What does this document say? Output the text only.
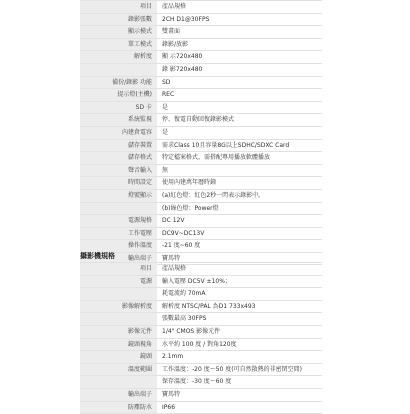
項目	產品規格
錄影張數	2CH D1@30FPS
顯示模式	雙畫面
單工模式	錄影/放影
解析度	顯 示720x480
錄 影720x480
備份/錄影 功能	SD
提示燈(主機)	REC
SD 卡	是
系統監視	停、復電自動回復錄影模式
內建倉電容	是
儲存裝置	需求Class 10且容量8G以上SDHC/SDXC Card
儲存格式	特定檔案格式，需搭配專用播放軟體播放
聲音輸入	無
時間設定	使用內建萬年曆時鐘
燈號顯示	(a)紅色燈：紅色2秒一閃表示錄影中。
(b)綠色燈：Power燈
電源規格	DC 12V
工作電壓	DC9V~DC13V
操作溫度	-21 度~60 度
輸出端子	寶馬特
攝影機規格
項目	產品規格
電源	輸入電壓 DC5V ±10%；
耗電流約 70mA
影像解析度	解析度 NTSC/PAL 為D1 733x493
張數最高 30FPS
影像元件	1/4" CMOS 影像元件
鏡頭視角	水平約 100 度 / 對角120度
鏡頭	2.1mm
溫度範圍	工作溫度：-20 度～50 度(可自然散熱的非密閉空間)
保存溫度：-30 度～60 度
輸出端子	寶馬特
防塵防水	IP66
